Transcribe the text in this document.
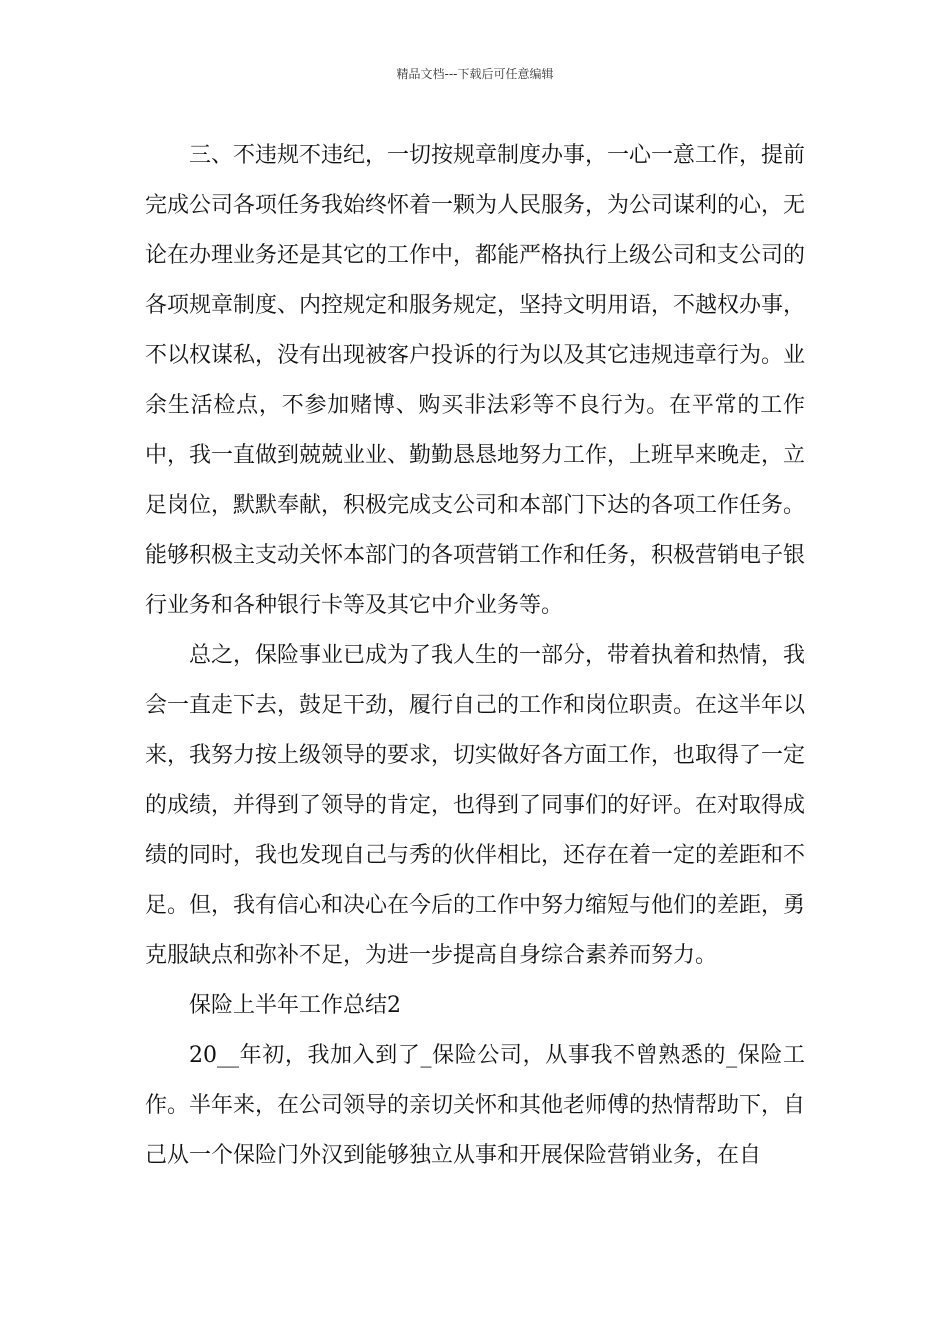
精品文档---下载后可任意编辑

三、不违规不违纪，一切按规章制度办事，一心一意工作，提前完成公司各项任务我始终怀着一颗为人民服务，为公司谋利的心，无论在办理业务还是其它的工作中，都能严格执行上级公司和支公司的各项规章制度、内控规定和服务规定，坚持文明用语，不越权办事，不以权谋私，没有出现被客户投诉的行为以及其它违规违章行为。业余生活检点，不参加赌博、购买非法彩等不良行为。在平常的工作中，我一直做到兢兢业业、勤勤恳恳地努力工作，上班早来晚走，立足岗位，默默奉献，积极完成支公司和本部门下达的各项工作任务。能够积极主支动关怀本部门的各项营销工作和任务，积极营销电子银行业务和各种银行卡等及其它中介业务等。

总之，保险事业已成为了我人生的一部分，带着执着和热情，我会一直走下去，鼓足干劲，履行自己的工作和岗位职责。在这半年以来，我努力按上级领导的要求，切实做好各方面工作，也取得了一定的成绩，并得到了领导的肯定，也得到了同事们的好评。在对取得成绩的同时，我也发现自己与秀的伙伴相比，还存在着一定的差距和不足。但，我有信心和决心在今后的工作中努力缩短与他们的差距，勇克服缺点和弥补不足，为进一步提高自身综合素养而努力。

保险上半年工作总结2

20__年初，我加入到了_保险公司，从事我不曾熟悉的_保险工作。半年来，在公司领导的亲切关怀和其他老师傅的热情帮助下，自己从一个保险门外汉到能够独立从事和开展保险营销业务，在自
